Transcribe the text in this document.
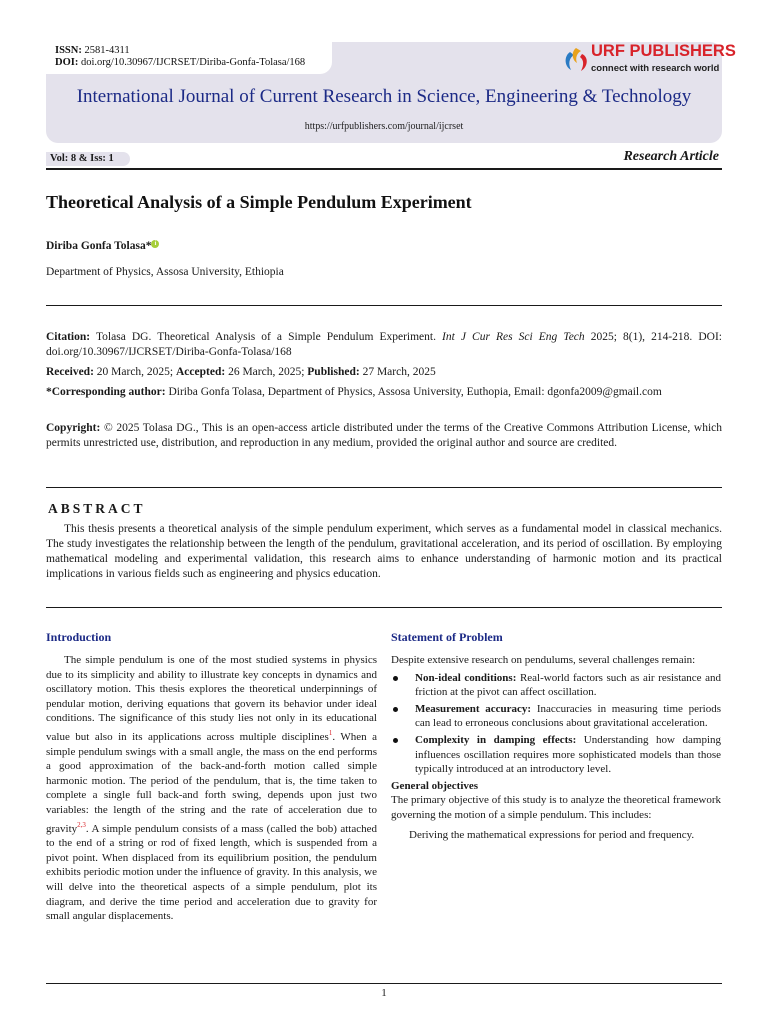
ISSN: 2581-4311
DOI: doi.org/10.30967/IJCRSET/Diriba-Gonfa-Tolasa/168
URF PUBLISHERS
connect with research world
International Journal of Current Research in Science, Engineering & Technology
https://urfpublishers.com/journal/ijcrset
Vol: 8 & Iss: 1	Research Article
Theoretical Analysis of a Simple Pendulum Experiment
Diriba Gonfa Tolasa* i
Department of Physics, Assosa University, Ethiopia
Citation: Tolasa DG. Theoretical Analysis of a Simple Pendulum Experiment. Int J Cur Res Sci Eng Tech 2025; 8(1), 214-218. DOI: doi.org/10.30967/IJCRSET/Diriba-Gonfa-Tolasa/168
Received: 20 March, 2025; Accepted: 26 March, 2025; Published: 27 March, 2025
*Corresponding author: Diriba Gonfa Tolasa, Department of Physics, Assosa University, Euthopia, Email: dgonfa2009@gmail.com
Copyright: © 2025 Tolasa DG., This is an open-access article distributed under the terms of the Creative Commons Attribution License, which permits unrestricted use, distribution, and reproduction in any medium, provided the original author and source are credited.
ABSTRACT
This thesis presents a theoretical analysis of the simple pendulum experiment, which serves as a fundamental model in classical mechanics. The study investigates the relationship between the length of the pendulum, gravitational acceleration, and its period of oscillation. By employing mathematical modeling and experimental validation, this research aims to enhance understanding of harmonic motion and its practical implications in various fields such as engineering and physics education.
Introduction

The simple pendulum is one of the most studied systems in physics due to its simplicity and ability to illustrate key concepts in dynamics and oscillatory motion. This thesis explores the theoretical underpinnings of pendular motion, deriving equations that govern its behavior under ideal conditions. The significance of this study lies not only in its educational value but also in its applications across multiple disciplines$^1$. When a simple pendulum swings with a small angle, the mass on the end performs a good approximation of the back-and-forth motion called simple harmonic motion. The period of the pendulum, that is, the time taken to complete a single full back-and forth swing, depends upon just two variables: the length of the string and the rate of acceleration due to gravity$^{2,3}$. A simple pendulum consists of a mass (called the bob) attached to the end of a string or rod of fixed length, which is suspended from a pivot point. When displaced from its equilibrium position, the pendulum exhibits periodic motion under the influence of gravity. In this analysis, we will delve into the theoretical aspects of a simple pendulum, plot its diagram, and derive the time period and acceleration due to gravity for small angular displacements.

Statement of Problem

Despite extensive research on pendulums, several challenges remain:

Non-ideal conditions: Real-world factors such as air resistance and friction at the pivot can affect oscillation.
Measurement accuracy: Inaccuracies in measuring time periods can lead to erroneous conclusions about gravitational acceleration.
Complexity in damping effects: Understanding how damping influences oscillation requires more sophisticated models than those typically introduced at an introductory level.

General objectives

The primary objective of this study is to analyze the theoretical framework governing the motion of a simple pendulum. This includes:

Deriving the mathematical expressions for period and frequency.

1
